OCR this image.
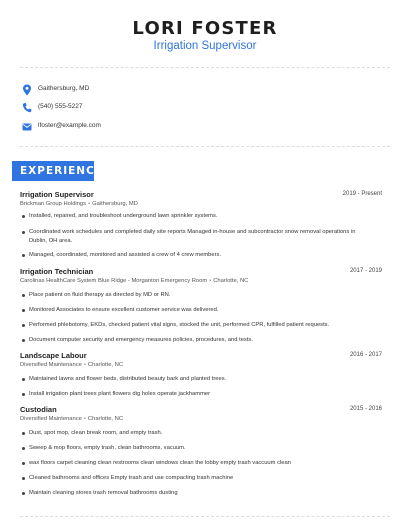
LORI FOSTER
Irrigation Supervisor
Gaithersburg, MD
(540) 555-5227
lfoster@example.com
EXPERIENCE
Irrigation Supervisor	2019 - Present
Brickman Group Holdings • Gaithersburg, MD
Installed, repaired, and troubleshoot underground lawn sprinkler systems.
Coordinated work schedules and completed daily site reports Managed in-house and subcontractor snow removal operations in Dublin, OH area.
Managed, coordinated, monitored and assisted a crew of 4 crew members.
Irrigation Technician	2017 - 2019
Carolinas HealthCare System Blue Ridge - Morganton Emergency Room • Charlotte, NC
Place patient on fluid therapy as directed by MD or RN.
Monitored Associates to ensure excellent customer service was delivered.
Performed phlebotomy, EKDs, checked patient vital signs, stocked the unit, performed CPR, fulfilled patient requests.
Document computer security and emergency measures policies, procedures, and tests.
Landscape Labour	2016 - 2017
Diversified Maintenance • Charlotte, NC
Maintained lawns and flower beds, distributed beauty bark and planted trees.
Install irrigation plant trees plant flowers dig holes operate jackhammer
Custodian	2015 - 2016
Diversified Maintenance • Charlotte, NC
Dust, spot mop, clean break room, and empty trash.
Sweep & mop floors, empty trash, clean bathrooms, vacuum.
wax floors carpet cleaning clean restrooms clean windows clean the lobby empty trash vaccuum clean
Cleaned bathrooms and offices Empty trash and use compacting trash machine
Maintain cleaning stores trash removal bathrooms dusting
